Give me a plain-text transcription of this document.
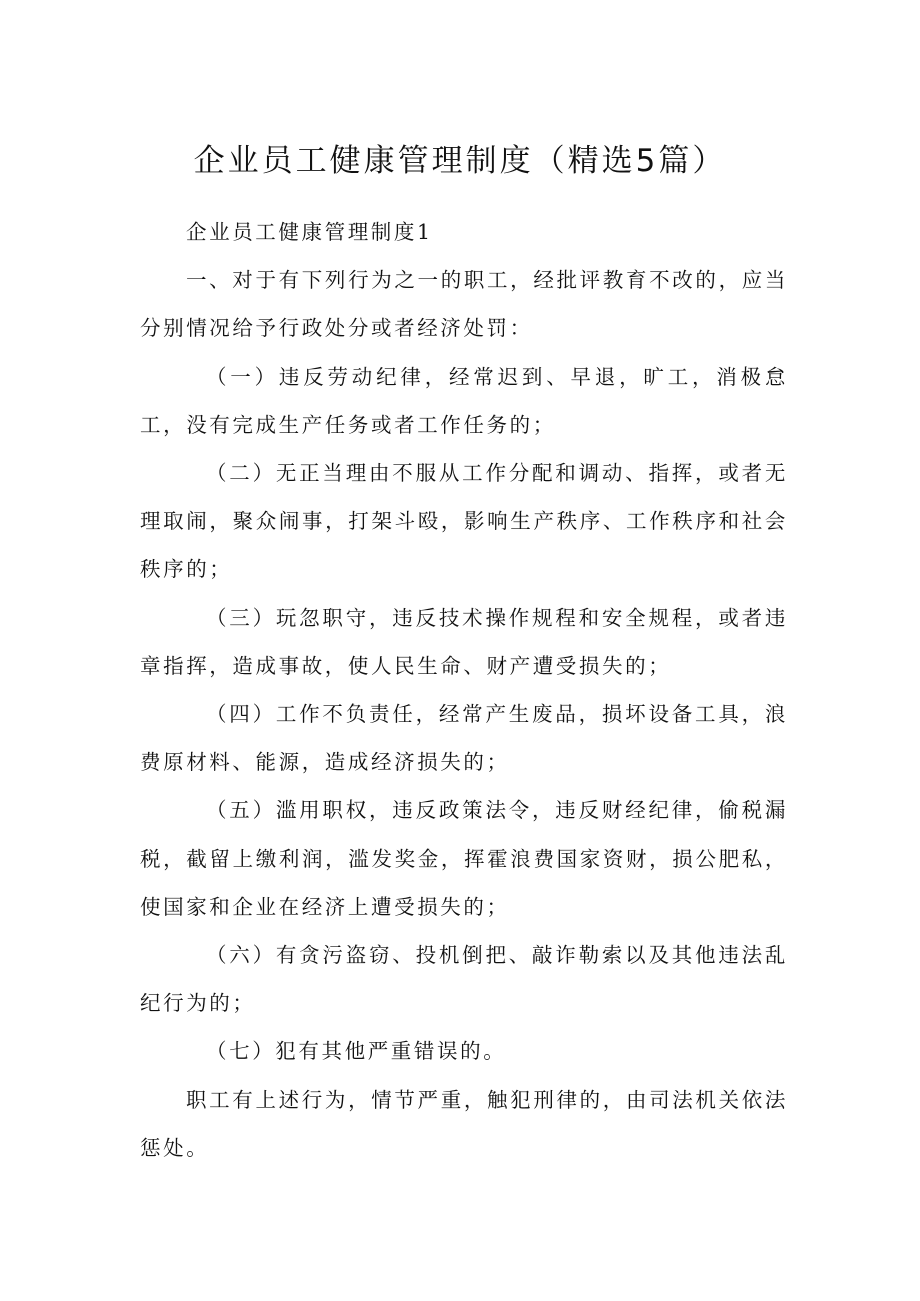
企业员工健康管理制度（精选5篇）

企业员工健康管理制度1

一、对于有下列行为之一的职工，经批评教育不改的，应当分别情况给予行政处分或者经济处罚：

（一）违反劳动纪律，经常迟到、早退，旷工，消极怠工，没有完成生产任务或者工作任务的；

（二）无正当理由不服从工作分配和调动、指挥，或者无理取闹，聚众闹事，打架斗殴，影响生产秩序、工作秩序和社会秩序的；

（三）玩忽职守，违反技术操作规程和安全规程，或者违章指挥，造成事故，使人民生命、财产遭受损失的；

（四）工作不负责任，经常产生废品，损坏设备工具，浪费原材料、能源，造成经济损失的；

（五）滥用职权，违反政策法令，违反财经纪律，偷税漏税，截留上缴利润，滥发奖金，挥霍浪费国家资财，损公肥私，使国家和企业在经济上遭受损失的；

（六）有贪污盗窃、投机倒把、敲诈勒索以及其他违法乱纪行为的；

（七）犯有其他严重错误的。

职工有上述行为，情节严重，触犯刑律的，由司法机关依法惩处。
